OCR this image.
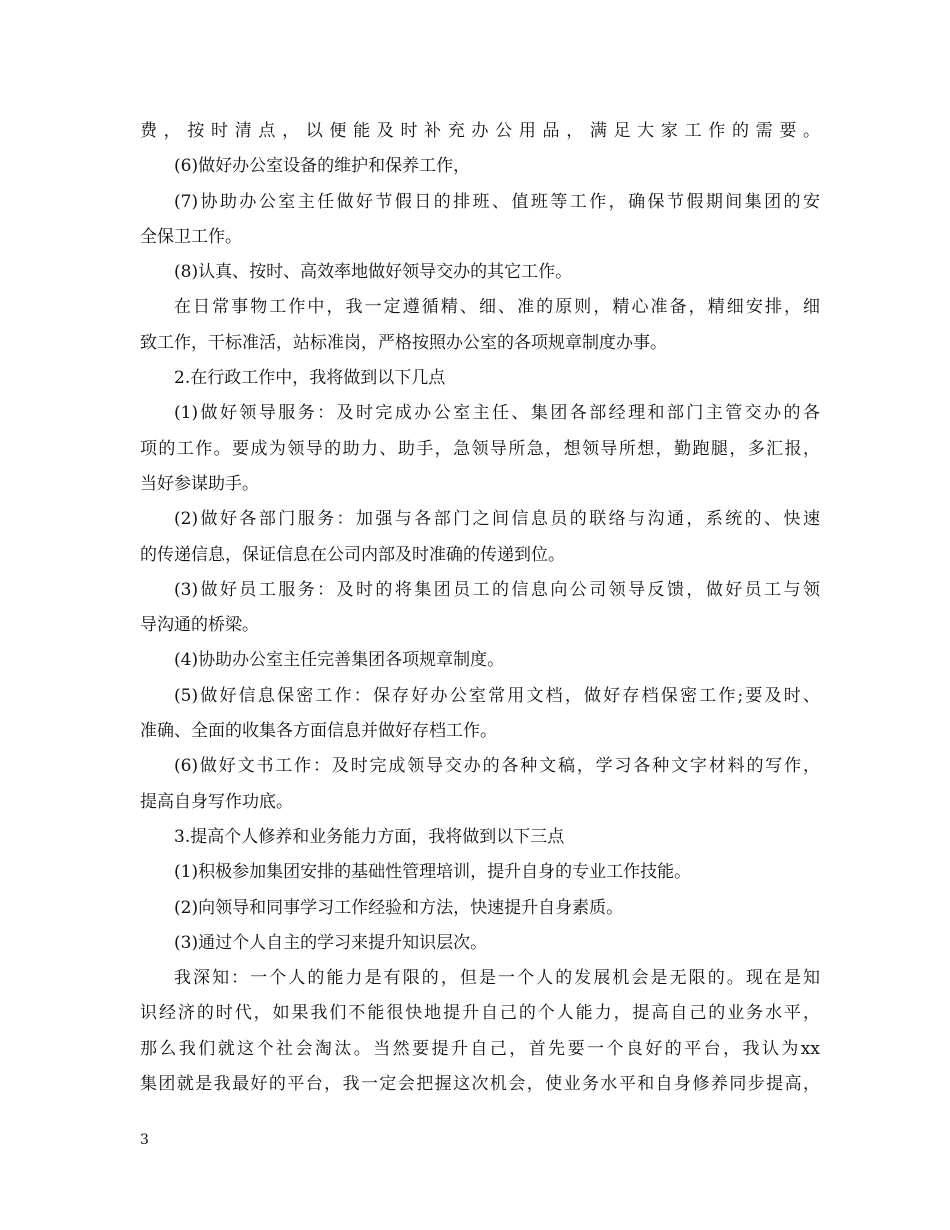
费，按时清点，以便能及时补充办公用品，满足大家工作的需要。
(6)做好办公室设备的维护和保养工作，
(7)协助办公室主任做好节假日的排班、值班等工作，确保节假期间集团的安
全保卫工作。
(8)认真、按时、高效率地做好领导交办的其它工作。
在日常事物工作中，我一定遵循精、细、准的原则，精心准备，精细安排，细
致工作，干标准活，站标准岗，严格按照办公室的各项规章制度办事。
2.在行政工作中，我将做到以下几点
(1)做好领导服务：及时完成办公室主任、集团各部经理和部门主管交办的各
项的工作。要成为领导的助力、助手，急领导所急，想领导所想，勤跑腿，多汇报，
当好参谋助手。
(2)做好各部门服务：加强与各部门之间信息员的联络与沟通，系统的、快速
的传递信息，保证信息在公司内部及时准确的传递到位。
(3)做好员工服务：及时的将集团员工的信息向公司领导反馈，做好员工与领
导沟通的桥梁。
(4)协助办公室主任完善集团各项规章制度。
(5)做好信息保密工作：保存好办公室常用文档，做好存档保密工作;要及时、
准确、全面的收集各方面信息并做好存档工作。
(6)做好文书工作：及时完成领导交办的各种文稿，学习各种文字材料的写作，
提高自身写作功底。
3.提高个人修养和业务能力方面，我将做到以下三点
(1)积极参加集团安排的基础性管理培训，提升自身的专业工作技能。
(2)向领导和同事学习工作经验和方法，快速提升自身素质。
(3)通过个人自主的学习来提升知识层次。
我深知：一个人的能力是有限的，但是一个人的发展机会是无限的。现在是知
识经济的时代，如果我们不能很快地提升自己的个人能力，提高自己的业务水平，
那么我们就这个社会淘汰。当然要提升自己，首先要一个良好的平台，我认为xx
集团就是我最好的平台，我一定会把握这次机会，使业务水平和自身修养同步提高，
3
